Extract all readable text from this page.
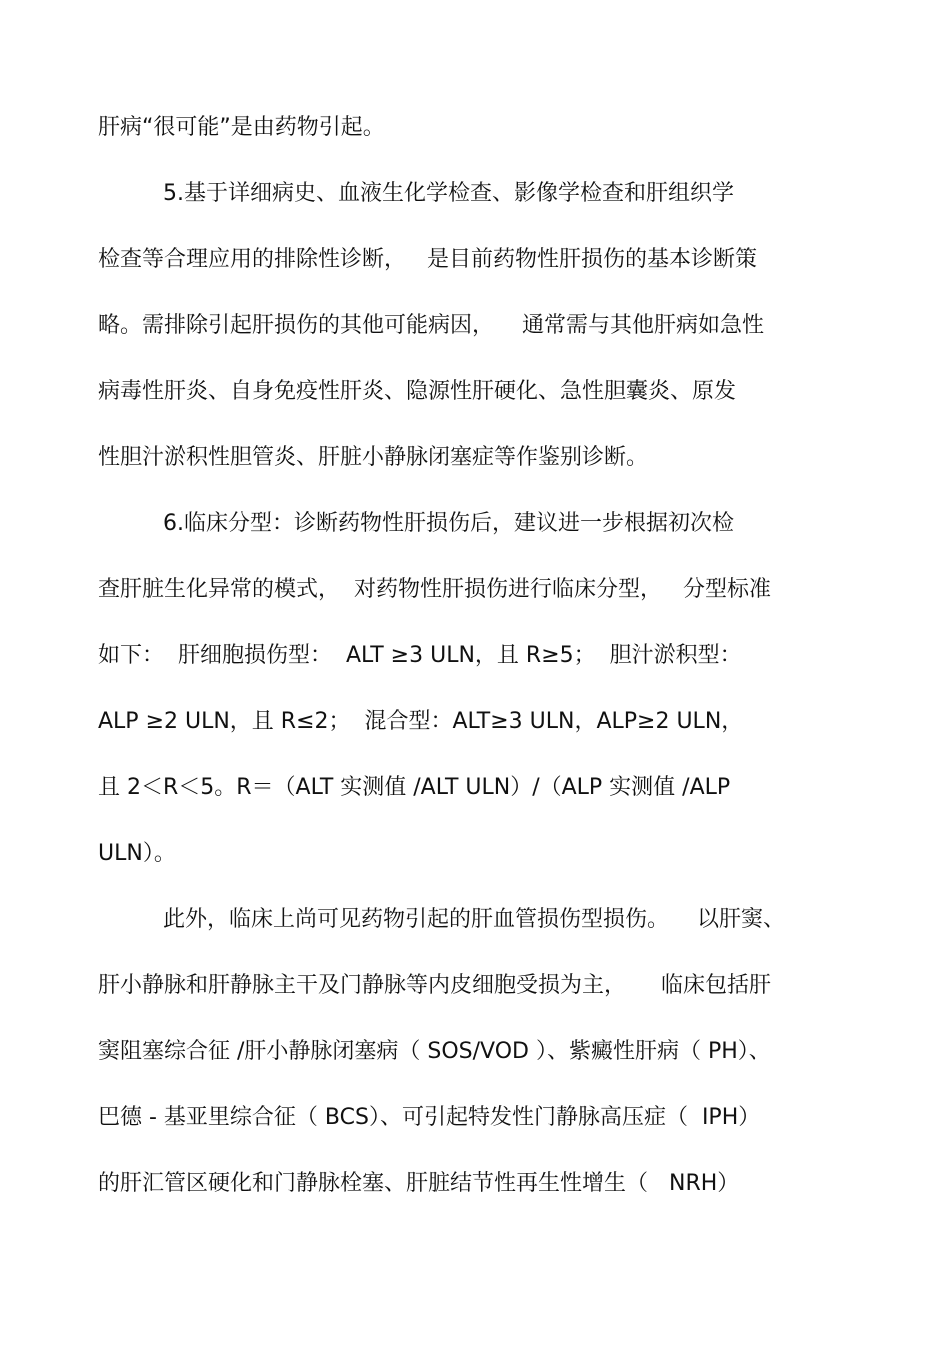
肝病“很可能”是由药物引起。
5.基于详细病史、血液生化学检查、影像学检查和肝组织学
检查等合理应用的排除性诊断，   是目前药物性肝损伤的基本诊断策
略。需排除引起肝损伤的其他可能病因，    通常需与其他肝病如急性
病毒性肝炎、自身免疫性肝炎、隐源性肝硬化、急性胆囊炎、原发
性胆汁淤积性胆管炎、肝脏小静脉闭塞症等作鉴别诊断。
6.临床分型：诊断药物性肝损伤后，建议进一步根据初次检
查肝脏生化异常的模式，  对药物性肝损伤进行临床分型，   分型标准
如下：  肝细胞损伤型：  ALT ≥3 ULN，且 R≥5；  胆汁淤积型：
ALP ≥2 ULN，且 R≤2；  混合型：ALT≥3 ULN，ALP≥2 ULN，
且 2＜R＜5。R＝（ALT 实测值 /ALT ULN）/（ALP 实测值 /ALP
ULN）。
此外，临床上尚可见药物引起的肝血管损伤型损伤。    以肝窦、
肝小静脉和肝静脉主干及门静脉等内皮细胞受损为主，     临床包括肝
窦阻塞综合征 /肝小静脉闭塞病（ SOS/VOD ）、紫癜性肝病（ PH）、
巴德 - 基亚里综合征（ BCS）、可引起特发性门静脉高压症（  IPH）
的肝汇管区硬化和门静脉栓塞、肝脏结节性再生性增生（   NRH）
